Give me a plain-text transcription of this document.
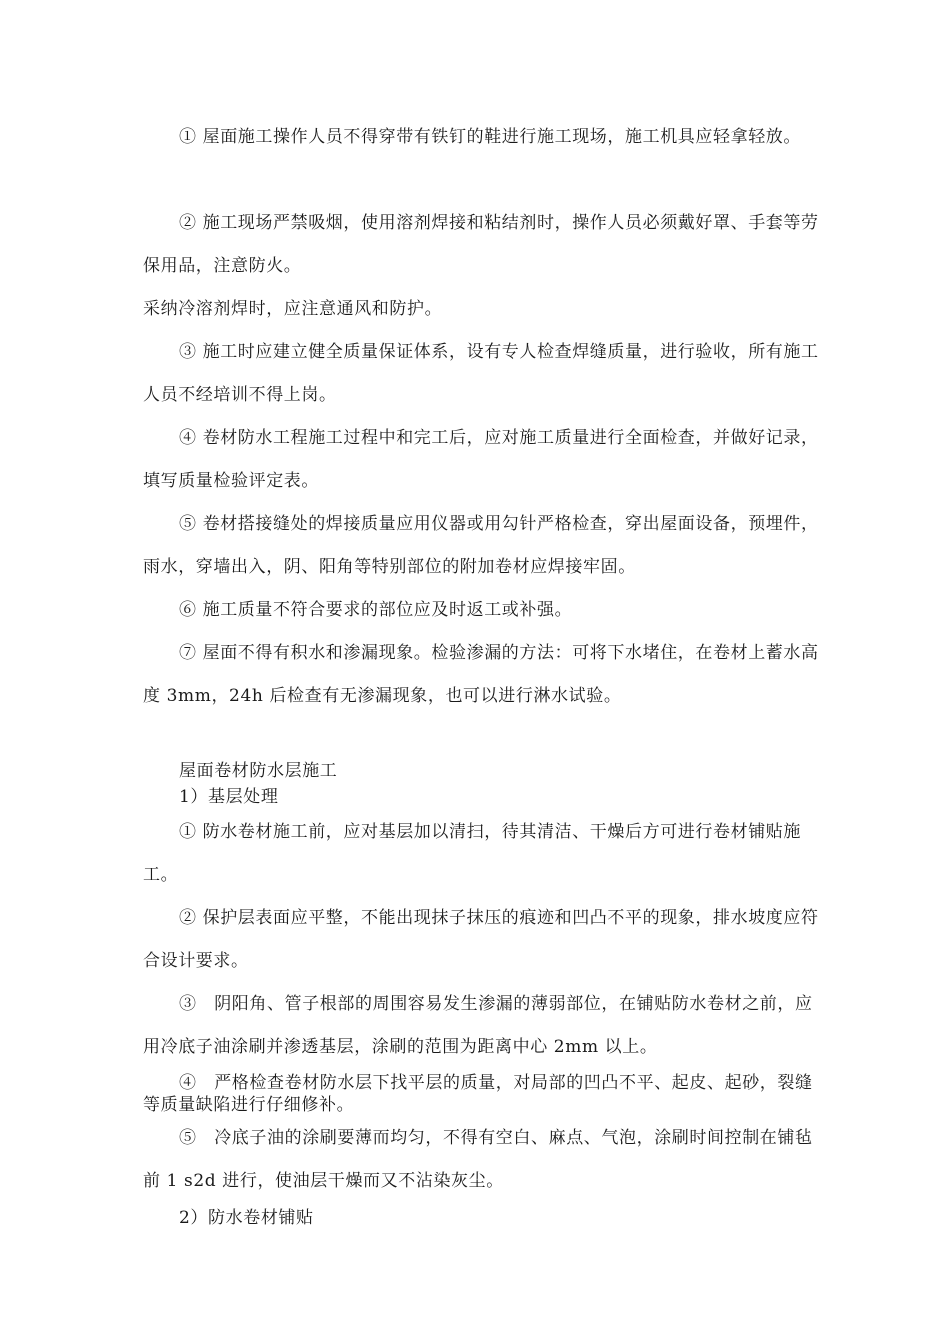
① 屋面施工操作人员不得穿带有铁钉的鞋进行施工现场，施工机具应轻拿轻放。

② 施工现场严禁吸烟，使用溶剂焊接和粘结剂时，操作人员必须戴好罩、手套等劳保用品，注意防火。

采纳冷溶剂焊时，应注意通风和防护。

③ 施工时应建立健全质量保证体系，设有专人检查焊缝质量，进行验收，所有施工人员不经培训不得上岗。

④ 卷材防水工程施工过程中和完工后，应对施工质量进行全面检查，并做好记录，填写质量检验评定表。

⑤ 卷材搭接缝处的焊接质量应用仪器或用勾针严格检查，穿出屋面设备，预埋件，雨水，穿墙出入，阴、阳角等特别部位的附加卷材应焊接牢固。

⑥ 施工质量不符合要求的部位应及时返工或补强。

⑦ 屋面不得有积水和渗漏现象。检验渗漏的方法：可将下水堵住，在卷材上蓄水高度 3mm，24h 后检查有无渗漏现象，也可以进行淋水试验。

屋面卷材防水层施工

1）基层处理

① 防水卷材施工前，应对基层加以清扫，待其清洁、干燥后方可进行卷材铺贴施工。

② 保护层表面应平整，不能出现抹子抹压的痕迹和凹凸不平的现象，排水坡度应符合设计要求。

③　阴阳角、管子根部的周围容易发生渗漏的薄弱部位，在铺贴防水卷材之前，应用冷底子油涂刷并渗透基层，涂刷的范围为距离中心 2mm 以上。

④　严格检查卷材防水层下找平层的质量，对局部的凹凸不平、起皮、起砂，裂缝等质量缺陷进行仔细修补。

⑤　冷底子油的涂刷要薄而均匀，不得有空白、麻点、气泡，涂刷时间控制在铺毡前 1 s2d 进行，使油层干燥而又不沾染灰尘。

2）防水卷材铺贴
